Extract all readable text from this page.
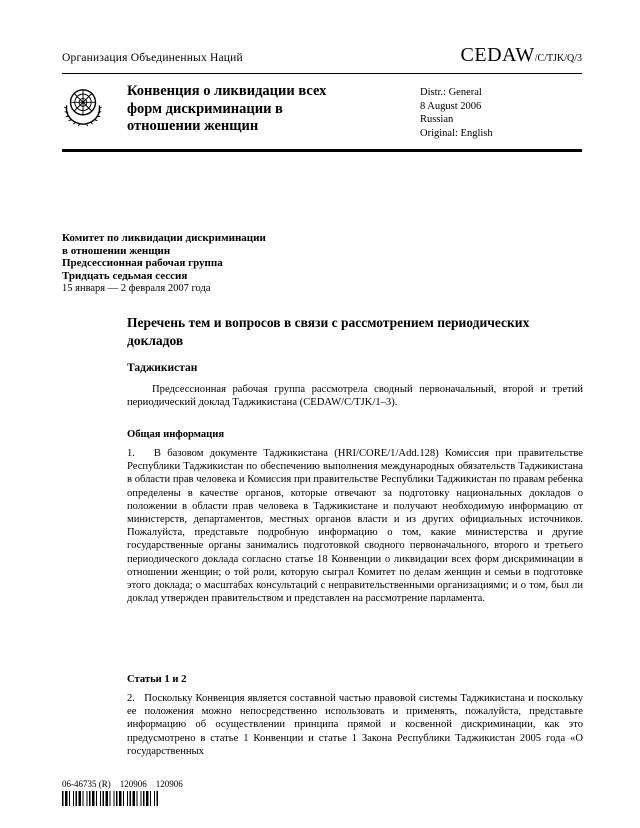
Организация Объединенных Наций	CEDAW/C/TJK/Q/3
Конвенция о ликвидации всех форм дискриминации в отношении женщин
Distr.: General
8 August 2006
Russian
Original: English
Комитет по ликвидации дискриминации
в отношении женщин
Предсессионная рабочая группа
Тридцать седьмая сессия
15 января — 2 февраля 2007 года
Перечень тем и вопросов в связи с рассмотрением периодических докладов
Таджикистан
Предсессионная рабочая группа рассмотрела сводный первоначальный, второй и третий периодический доклад Таджикистана (CEDAW/C/TJK/1–3).
Общая информация
1.   В базовом документе Таджикистана (HRI/CORE/1/Add.128) Комиссия при правительстве Республики Таджикистан по обеспечению выполнения международных обязательств Таджикистана в области прав человека и Комиссия при правительстве Республики Таджикистан по правам ребенка определены в качестве органов, которые отвечают за подготовку национальных докладов о положении в области прав человека в Таджикистане и получают необходимую информацию от министерств, департаментов, местных органов власти и из других официальных источников. Пожалуйста, представьте подробную информацию о том, какие министерства и другие государственные органы занимались подготовкой сводного первоначального, второго и третьего периодического доклада согласно статье 18 Конвенции о ликвидации всех форм дискриминации в отношении женщин; о той роли, которую сыграл Комитет по делам женщин и семьи в подготовке этого доклада; о масштабах консультаций с неправительственными организациями; и о том, был ли доклад утвержден правительством и представлен на рассмотрение парламента.
Статьи 1 и 2
2.   Поскольку Конвенция является составной частью правовой системы Таджикистана и поскольку ее положения можно непосредственно использовать и применять, пожалуйста, представьте информацию об осуществлении принципа прямой и косвенной дискриминации, как это предусмотрено в статье 1 Конвенции и статье 1 Закона Республики Таджикистан 2005 года «О государственных
06-46735 (R)    120906    120906
